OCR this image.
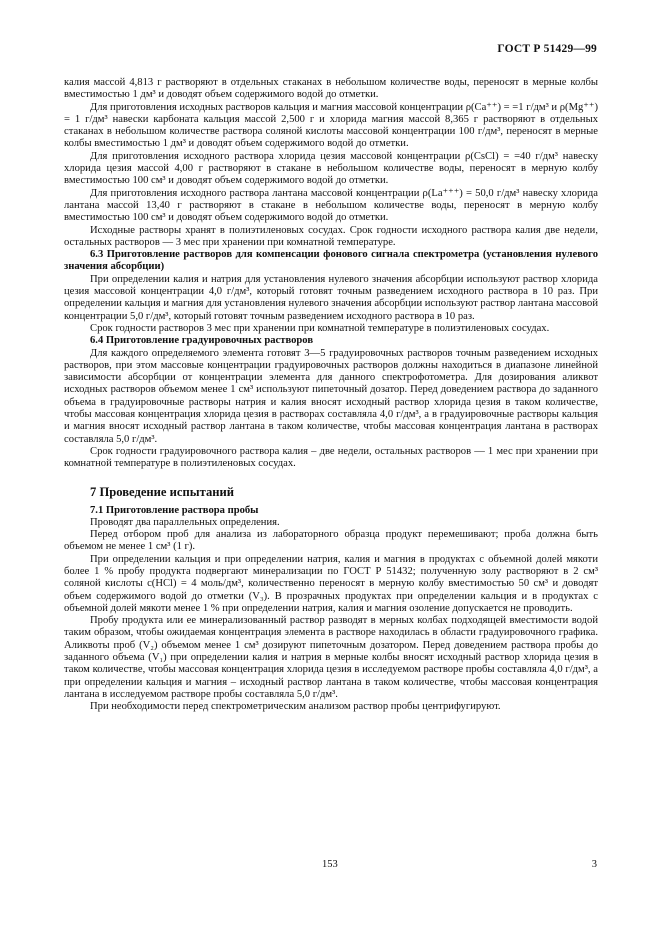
ГОСТ Р 51429—99

калия массой 4,813 г растворяют в отдельных стаканах в небольшом количестве воды, переносят в мерные колбы вместимостью 1 дм³ и доводят объем содержимого водой до отметки.

Для приготовления исходных растворов кальция и магния массовой концентрации ρ(Ca⁺⁺) = =1 г/дм³ и ρ(Mg⁺⁺) = 1 г/дм³ навески карбоната кальция массой 2,500 г и хлорида магния массой 8,365 г растворяют в отдельных стаканах в небольшом количестве раствора соляной кислоты массовой концентрации 100 г/дм³, переносят в мерные колбы вместимостью 1 дм³ и доводят объем содержимого водой до отметки.

Для приготовления исходного раствора хлорида цезия массовой концентрации ρ(CsCl) = =40 г/дм³ навеску хлорида цезия массой 4,00 г растворяют в стакане в небольшом количестве воды, переносят в мерную колбу вместимостью 100 см³ и доводят объем содержимого водой до отметки.

Для приготовления исходного раствора лантана массовой концентрации ρ(La⁺⁺⁺) = 50,0 г/дм³ навеску хлорида лантана массой 13,40 г растворяют в стакане в небольшом количестве воды, переносят в мерную колбу вместимостью 100 см³ и доводят объем содержимого водой до отметки.

Исходные растворы хранят в полиэтиленовых сосудах. Срок годности исходного раствора калия две недели, остальных растворов — 3 мес при хранении при комнатной температуре.

6.3 Приготовление растворов для компенсации фонового сигнала спектрометра (установления нулевого значения абсорбции)

При определении калия и натрия для установления нулевого значения абсорбции используют раствор хлорида цезия массовой концентрации 4,0 г/дм³, который готовят точным разведением исходного раствора в 10 раз. При определении кальция и магния для установления нулевого значения абсорбции используют раствор лантана массовой концентрации 5,0 г/дм³, который готовят точным разведением исходного раствора в 10 раз.

Срок годности растворов 3 мес при хранении при комнатной температуре в полиэтиленовых сосудах.

6.4 Приготовление градуировочных растворов

Для каждого определяемого элемента готовят 3—5 градуировочных растворов точным разведением исходных растворов, при этом массовые концентрации градуировочных растворов должны находиться в диапазоне линейной зависимости абсорбции от концентрации элемента для данного спектрофотометра. Для дозирования аликвот исходных растворов объемом менее 1 см³ используют пипеточный дозатор. Перед доведением раствора до заданного объема в градуировочные растворы натрия и калия вносят исходный раствор хлорида цезия в таком количестве, чтобы массовая концентрация хлорида цезия в растворах составляла 4,0 г/дм³, а в градуировочные растворы кальция и магния вносят исходный раствор лантана в таком количестве, чтобы массовая концентрация лантана в растворах составляла 5,0 г/дм³.

Срок годности градуировочного раствора калия – две недели, остальных растворов — 1 мес при хранении при комнатной температуре в полиэтиленовых сосудах.

7 Проведение испытаний

7.1 Приготовление раствора пробы

Проводят два параллельных определения.

Перед отбором проб для анализа из лабораторного образца продукт перемешивают; проба должна быть объемом не менее 1 см³ (1 г).

При определении кальция и при определении натрия, калия и магния в продуктах с объемной долей мякоти более 1 % пробу продукта подвергают минерализации по ГОСТ Р 51432; полученную золу растворяют в 2 см³ соляной кислоты c(HCl) = 4 моль/дм³, количественно переносят в мерную колбу вместимостью 50 см³ и доводят объем содержимого водой до отметки (V₃). В прозрачных продуктах при определении кальция и в продуктах с объемной долей мякоти менее 1 % при определении натрия, калия и магния озоление допускается не проводить.

Пробу продукта или ее минерализованный раствор разводят в мерных колбах подходящей вместимости водой таким образом, чтобы ожидаемая концентрация элемента в растворе находилась в области градуировочного графика. Аликвоты проб (V₂) объемом менее 1 см³ дозируют пипеточным дозатором. Перед доведением раствора пробы до заданного объема (V₁) при определении калия и натрия в мерные колбы вносят исходный раствор хлорида цезия в таком количестве, чтобы массовая концентрация хлорида цезия в исследуемом растворе пробы составляла 4,0 г/дм³, а при определении кальция и магния – исходный раствор лантана в таком количестве, чтобы массовая концентрация лантана в исследуемом растворе пробы составляла 5,0 г/дм³.

При необходимости перед спектрометрическим анализом раствор пробы центрифугируют.

153	3
